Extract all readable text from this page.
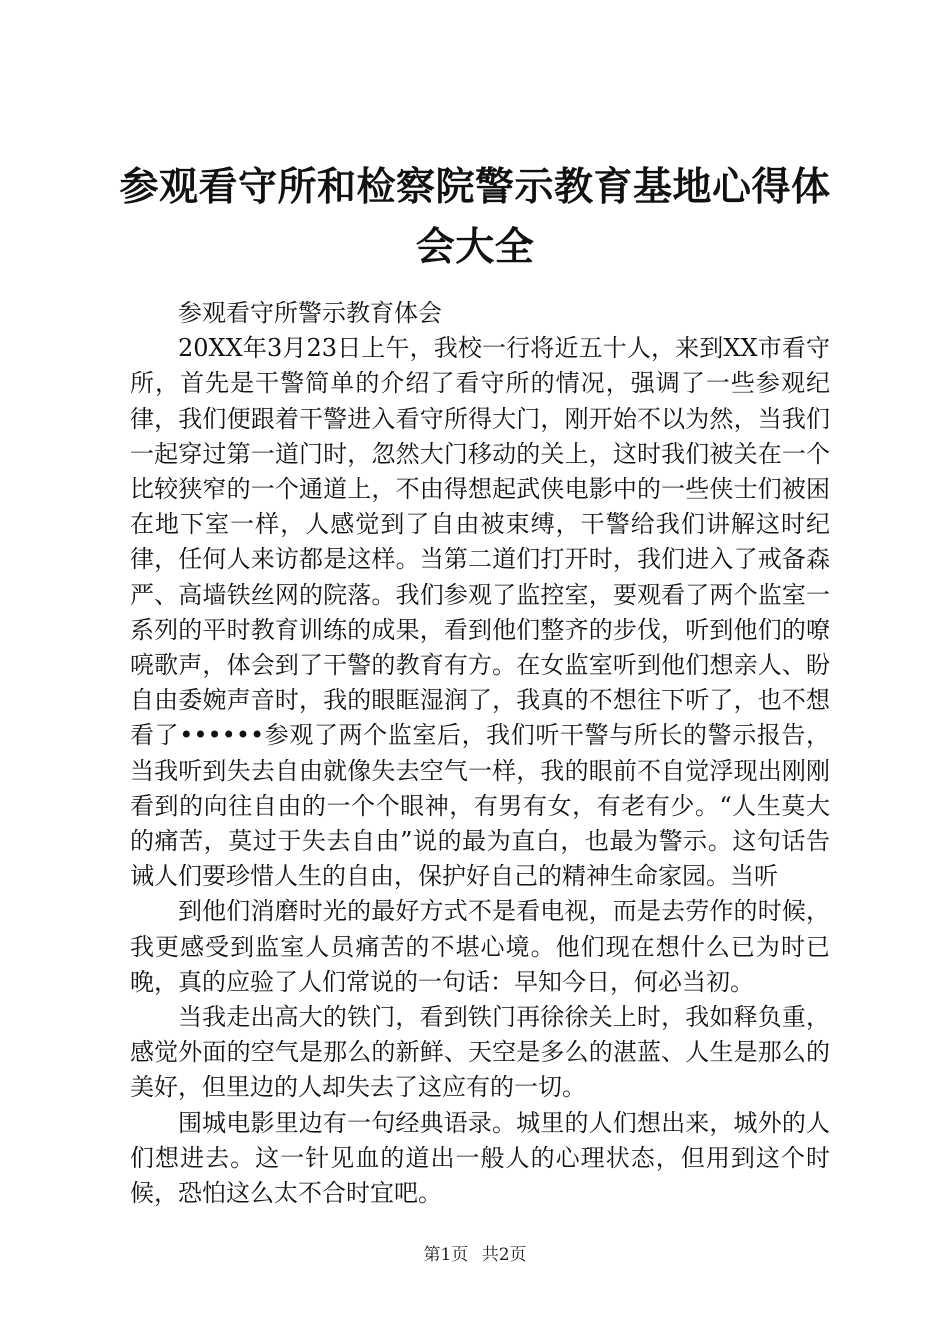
参观看守所和检察院警示教育基地心得体会大全

参观看守所警示教育体会

20XX年3月23日上午，我校一行将近五十人，来到XX市看守所，首先是干警简单的介绍了看守所的情况，强调了一些参观纪律，我们便跟着干警进入看守所得大门，刚开始不以为然，当我们一起穿过第一道门时，忽然大门移动的关上，这时我们被关在一个比较狭窄的一个通道上，不由得想起武侠电影中的一些侠士们被困在地下室一样，人感觉到了自由被束缚，干警给我们讲解这时纪律，任何人来访都是这样。当第二道们打开时，我们进入了戒备森严、高墙铁丝网的院落。我们参观了监控室，要观看了两个监室一系列的平时教育训练的成果，看到他们整齐的步伐，听到他们的嘹喨歌声，体会到了干警的教育有方。在女监室听到他们想亲人、盼自由委婉声音时，我的眼眶湿润了，我真的不想往下听了，也不想看了••••••参观了两个监室后，我们听干警与所长的警示报告，当我听到失去自由就像失去空气一样，我的眼前不自觉浮现出刚刚看到的向往自由的一个个眼神，有男有女，有老有少。“人生莫大的痛苦，莫过于失去自由”说的最为直白，也最为警示。这句话告诫人们要珍惜人生的自由，保护好自己的精神生命家园。当听

到他们消磨时光的最好方式不是看电视，而是去劳作的时候，我更感受到监室人员痛苦的不堪心境。他们现在想什么已为时已晚，真的应验了人们常说的一句话：早知今日，何必当初。

当我走出高大的铁门，看到铁门再徐徐关上时，我如释负重，感觉外面的空气是那么的新鲜、天空是多么的湛蓝、人生是那么的美好，但里边的人却失去了这应有的一切。

围城电影里边有一句经典语录。城里的人们想出来，城外的人们想进去。这一针见血的道出一般人的心理状态，但用到这个时候，恐怕这么太不合时宜吧。

第1页 共2页
